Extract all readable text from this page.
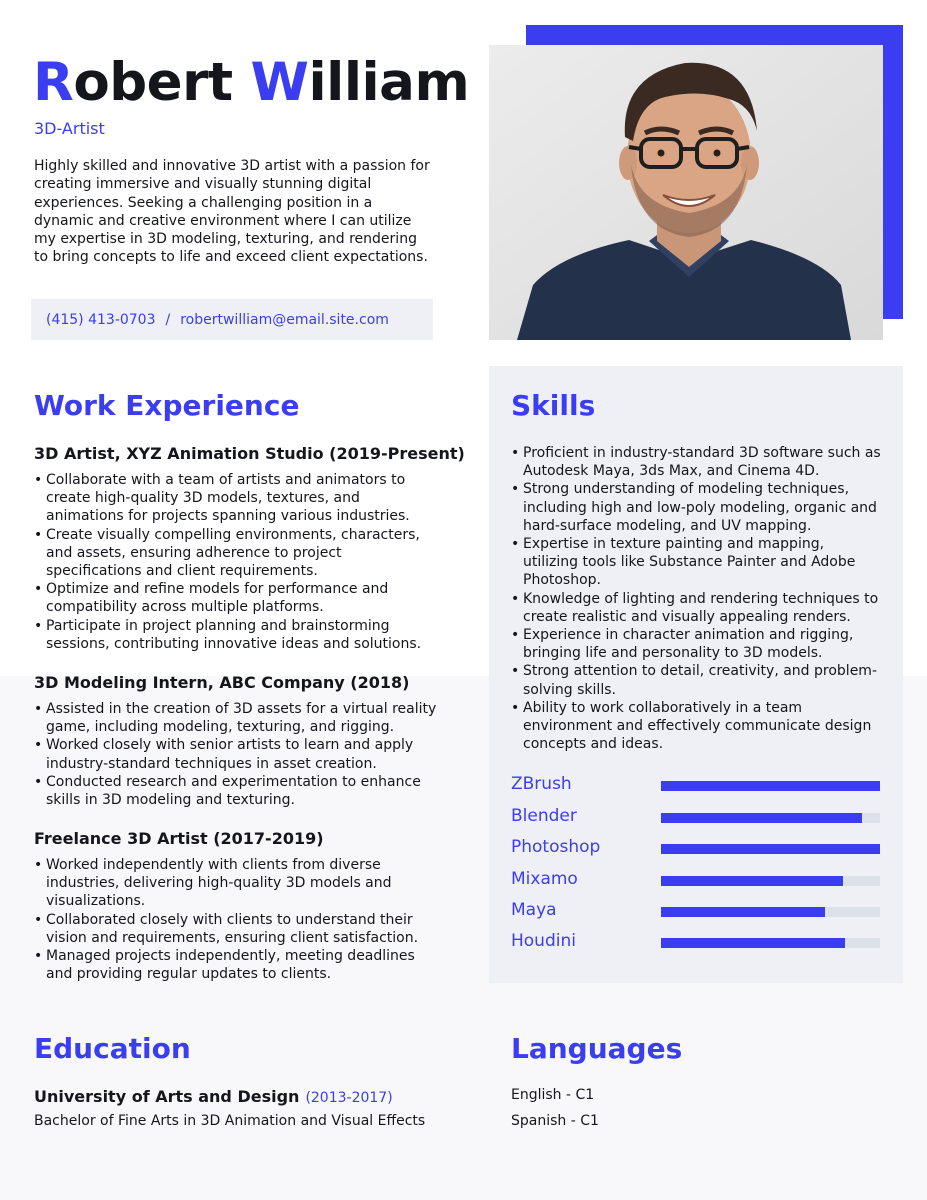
Robert William
3D-Artist

Highly skilled and innovative 3D artist with a passion for creating immersive and visually stunning digital experiences. Seeking a challenging position in a dynamic and creative environment where I can utilize my expertise in 3D modeling, texturing, and rendering to bring concepts to life and exceed client expectations.

(415) 413-0703 / robertwilliam@email.site.com
Work Experience
3D Artist, XYZ Animation Studio (2019-Present)
• Collaborate with a team of artists and animators to create high-quality 3D models, textures, and animations for projects spanning various industries.
• Create visually compelling environments, characters, and assets, ensuring adherence to project specifications and client requirements.
• Optimize and refine models for performance and compatibility across multiple platforms.
• Participate in project planning and brainstorming sessions, contributing innovative ideas and solutions.
3D Modeling Intern, ABC Company (2018)
• Assisted in the creation of 3D assets for a virtual reality game, including modeling, texturing, and rigging.
• Worked closely with senior artists to learn and apply industry-standard techniques in asset creation.
• Conducted research and experimentation to enhance skills in 3D modeling and texturing.
Freelance 3D Artist (2017-2019)
• Worked independently with clients from diverse industries, delivering high-quality 3D models and visualizations.
• Collaborated closely with clients to understand their vision and requirements, ensuring client satisfaction.
• Managed projects independently, meeting deadlines and providing regular updates to clients.
Skills
• Proficient in industry-standard 3D software such as Autodesk Maya, 3ds Max, and Cinema 4D.
• Strong understanding of modeling techniques, including high and low-poly modeling, organic and hard-surface modeling, and UV mapping.
• Expertise in texture painting and mapping, utilizing tools like Substance Painter and Adobe Photoshop.
• Knowledge of lighting and rendering techniques to create realistic and visually appealing renders.
• Experience in character animation and rigging, bringing life and personality to 3D models.
• Strong attention to detail, creativity, and problem-solving skills.
• Ability to work collaboratively in a team environment and effectively communicate design concepts and ideas.
ZBrush
Blender
Photoshop
Mixamo
Maya
Houdini
Education
University of Arts and Design (2013-2017)
Bachelor of Fine Arts in 3D Animation and Visual Effects
Languages
English - C1
Spanish - C1
